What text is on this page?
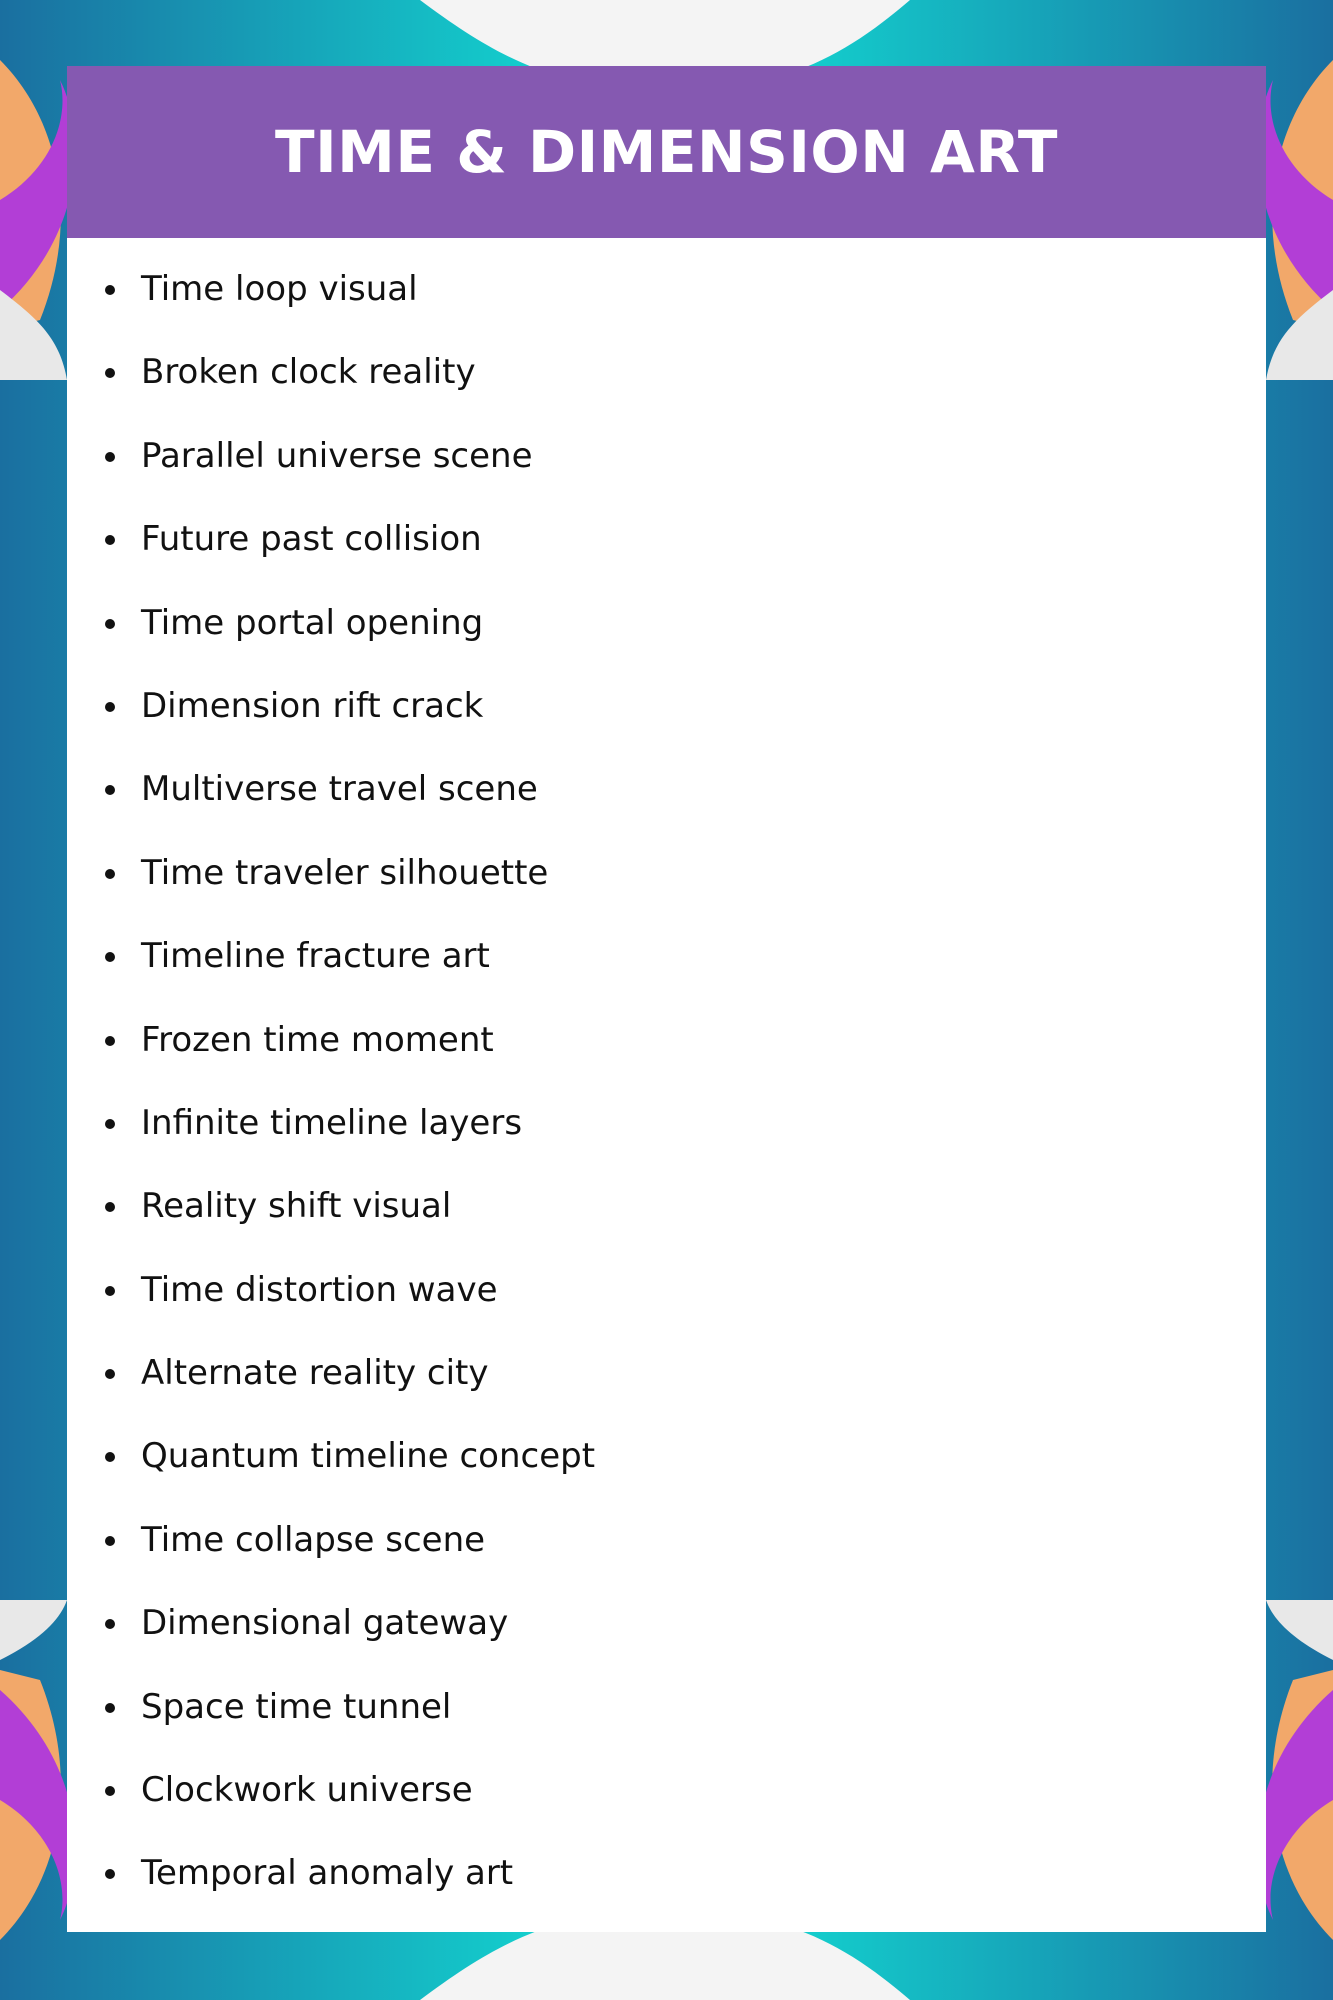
TIME & DIMENSION ART
Time loop visual
Broken clock reality
Parallel universe scene
Future past collision
Time portal opening
Dimension rift crack
Multiverse travel scene
Time traveler silhouette
Timeline fracture art
Frozen time moment
Infinite timeline layers
Reality shift visual
Time distortion wave
Alternate reality city
Quantum timeline concept
Time collapse scene
Dimensional gateway
Space time tunnel
Clockwork universe
Temporal anomaly art
